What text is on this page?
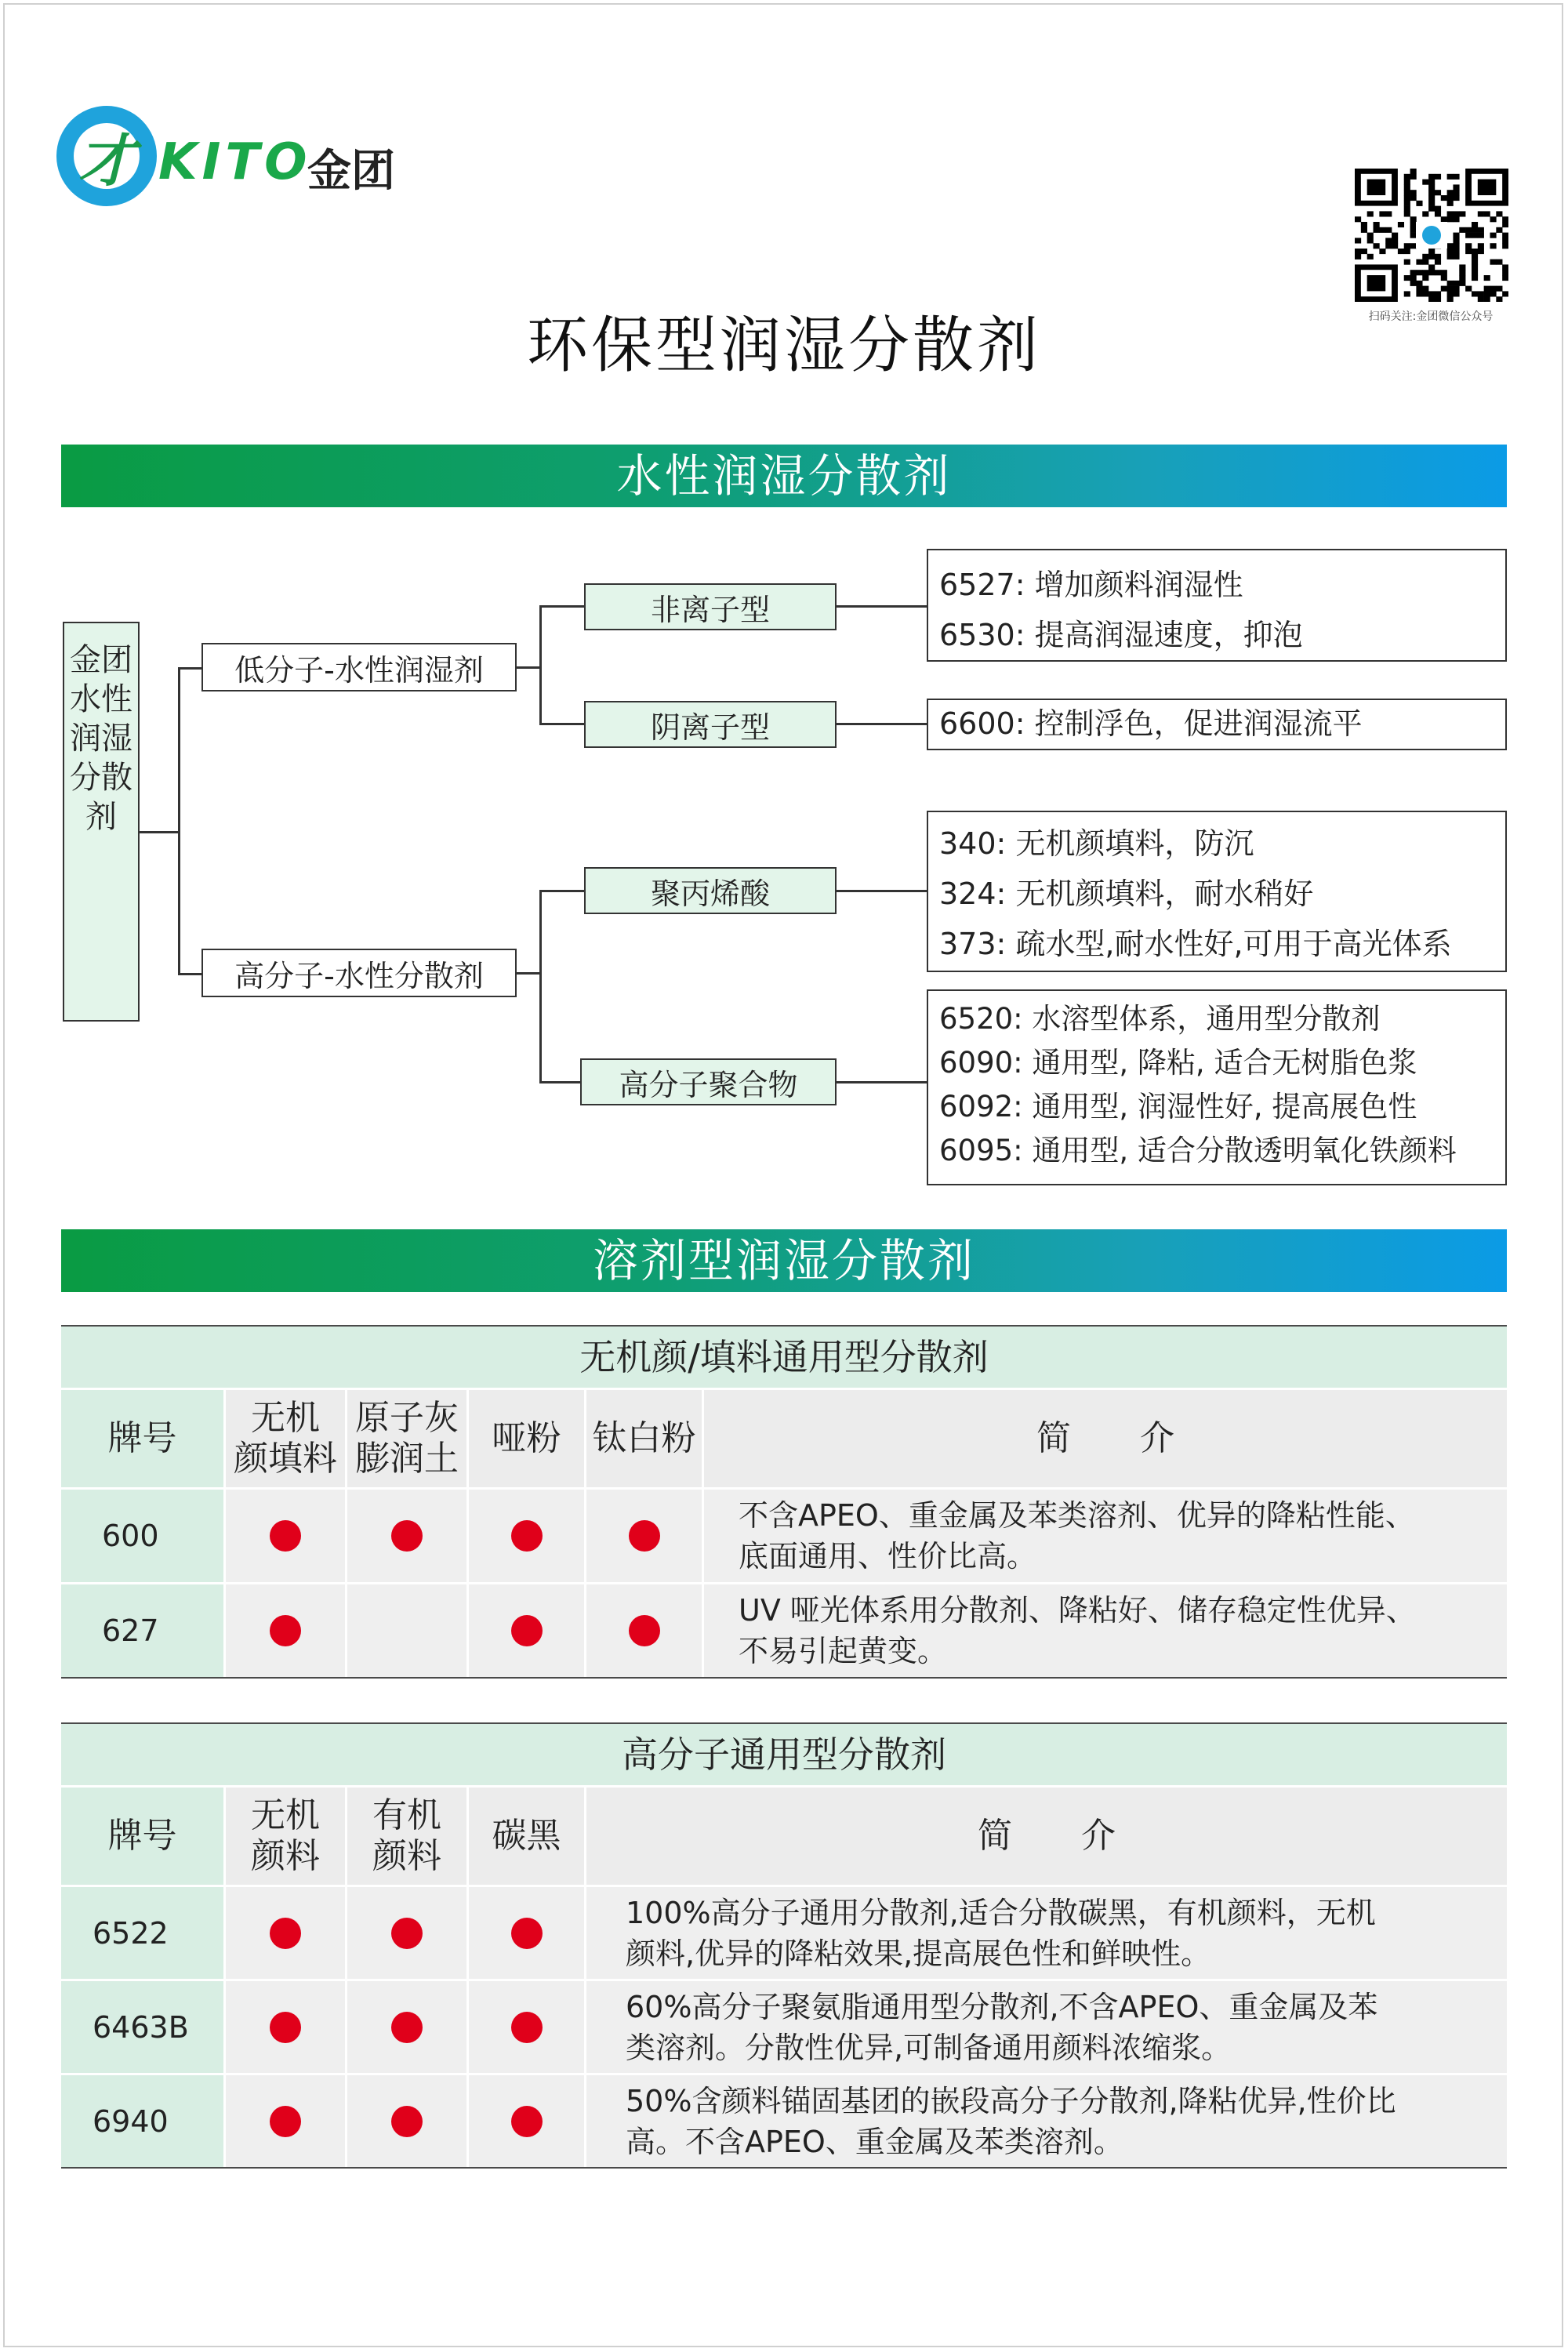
才 KITO
金团
扫码关注:金团微信公众号
环保型润湿分散剂
水性润湿分散剂
金团水性润湿分散剂
低分子-水性润湿剂
高分子-水性分散剂
非离子型
阴离子型
聚丙烯酸
高分子聚合物
6527: 增加颜料润湿性
6530: 提高润湿速度，抑泡
6600: 控制浮色，促进润湿流平
340: 无机颜填料，防沉
324: 无机颜填料，耐水稍好
373: 疏水型,耐水性好,可用于高光体系
6520: 水溶型体系，通用型分散剂
6090: 通用型, 降粘, 适合无树脂色浆
6092: 通用型, 润湿性好, 提高展色性
6095: 通用型, 适合分散透明氧化铁颜料
溶剂型润湿分散剂
无机颜/填料通用型分散剂
牌号
无机
颜填料
原子灰
膨润土
哑粉 钛白粉	简　　介
600
不含APEO、重金属及苯类溶剂、优异的降粘性能、
底面通用、性价比高。
627
UV 哑光体系用分散剂、降粘好、储存稳定性优异、
不易引起黄变。
高分子通用型分散剂
牌号
无机
颜料
有机
颜料
碳黑	简　　介
6522
100%高分子通用分散剂,适合分散碳黑，有机颜料，无机
颜料,优异的降粘效果,提高展色性和鲜映性。
6463B
60%高分子聚氨脂通用型分散剂,不含APEO、重金属及苯
类溶剂。分散性优异,可制备通用颜料浓缩浆。
6940
50%含颜料锚固基团的嵌段高分子分散剂,降粘优异,性价比
高。不含APEO、重金属及苯类溶剂。
